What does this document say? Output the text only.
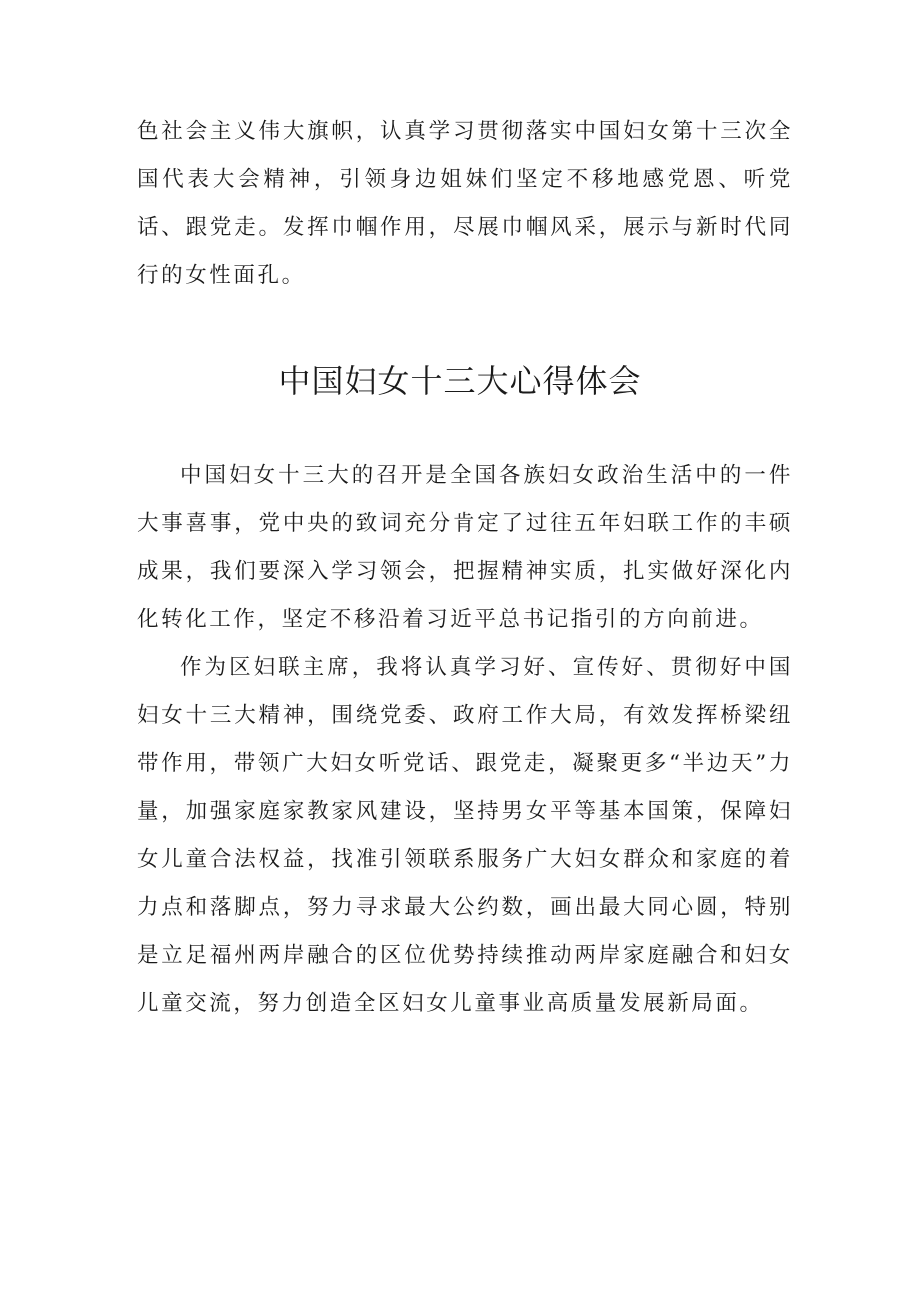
色社会主义伟大旗帜，认真学习贯彻落实中国妇女第十三次全国代表大会精神，引领身边姐妹们坚定不移地感党恩、听党话、跟党走。发挥巾帼作用，尽展巾帼风采，展示与新时代同行的女性面孔。

中国妇女十三大心得体会

中国妇女十三大的召开是全国各族妇女政治生活中的一件大事喜事，党中央的致词充分肯定了过往五年妇联工作的丰硕成果，我们要深入学习领会，把握精神实质，扎实做好深化内化转化工作，坚定不移沿着习近平总书记指引的方向前进。

作为区妇联主席，我将认真学习好、宣传好、贯彻好中国妇女十三大精神，围绕党委、政府工作大局，有效发挥桥梁纽带作用，带领广大妇女听党话、跟党走，凝聚更多“半边天”力量，加强家庭家教家风建设，坚持男女平等基本国策，保障妇女儿童合法权益，找准引领联系服务广大妇女群众和家庭的着力点和落脚点，努力寻求最大公约数，画出最大同心圆，特别是立足福州两岸融合的区位优势持续推动两岸家庭融合和妇女儿童交流，努力创造全区妇女儿童事业高质量发展新局面。
